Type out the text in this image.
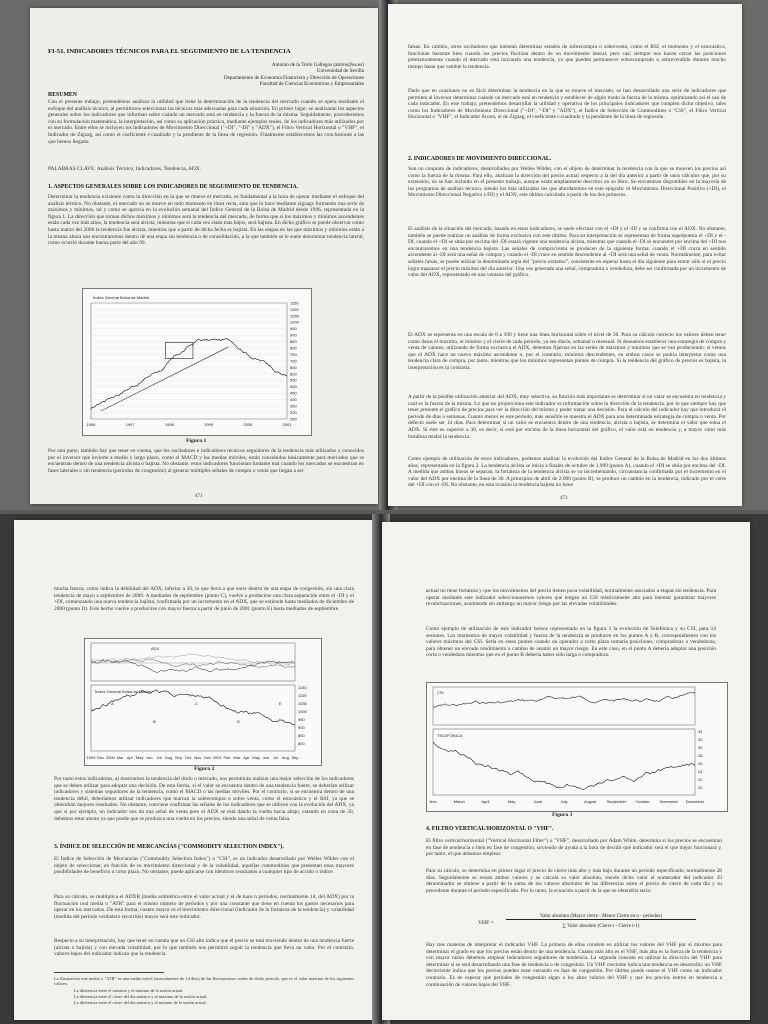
FI-51. INDICADORES TÉCNICOS PARA EL SEGUIMIENTO DE LA TENDENCIA
Antonio de la Torre Gallegos (atorre@us.es)
Universidad de Sevilla
Departamento de Economía Financiera y Dirección de Operaciones
Facultad de Ciencias Económicas y Empresariales
RESUMEN
Con el presente trabajo, pretendemos analizar la utilidad que tiene la determinación de la tendencia del mercado cuando se opera mediante el enfoque del análisis técnico, al permitirnos seleccionar las técnicas más adecuadas para cada situación. En primer lugar, se analizarán los aspectos generales sobre los indicadores que informan sobre cuándo un mercado está en tendencia y la fuerza de la misma. Seguidamente, procederemos con su formulación matemática, la interpretación, así como su aplicación práctica, mediante ejemplos reales, de los indicadores más utilizados por el mercado. Entre ellos se incluyen los indicadores de Movimiento Direccional ("+DI", "-DI" y "ADX"), el Filtro Vertical Horizontal o "VHF", el Indicador de Zigzag, así como el coeficiente r-cuadrado y la pendiente de la línea de regresión. Finalmente establecemos las conclusiones a las que hemos llegado.
PALABRAS CLAVE: Análisis Técnico, Indicadores, Tendencia, ADX.
1. ASPECTOS GENERALES SOBRE LOS INDICADORES DE SEGUIMIENTO DE TENDENCIA.
Determinar la tendencia existente como la dirección en la que se mueve el mercado, es fundamental a la hora de operar mediante el enfoque del análisis técnico. No obstante, el mercado no se mueve en todo momento en línea recta, sino que lo hace mediante zigzags formando una serie de máximos y mínimos, tal y como se aprecia en la evolución semanal del Índice General de la Bolsa de Madrid desde 1996, representada en la figura 1. La dirección que toman dichos máximos y mínimos será la tendencia del mercado, de forma que si los máximos y mínimos ascendentes están cada vez más altos, la tendencia será alcista, mientras que si cada vez están más bajos, será bajista. En dicho gráfico se puede observar cómo hasta marzo del 2000 la tendencia fue alcista, mientras que a partir de dicha fecha es bajista. En las etapas en las que máximos y mínimos están a la misma altura nos encontraremos dentro de una etapa sin tendencia o de consolidación, a la que también se le suele denominar tendencia lateral, como ocurrió durante buena parte del año 99.
Índice General Bolsa de Madrid
1150
1100
1050
1000
950
900
850
800
750
700
650
600
550
500
450
400
350
300
250
1996	1997	1998	1999	2000	2001
Figura 1
Por otra parte, también hay que tener en cuenta, que los osciladores e indicadores técnicos seguidores de la tendencia más utilizados y conocidos por el inversor que invierte a medio y largo plazo, como el MACD y las medias móviles, están concebidos básicamente para mercados que se encuentran dentro de una tendencia alcista o bajista. No obstante, estos indicadores funcionan bastante mal cuando los mercados se encuentran en fases laterales o sin tendencia (periodos de congestión) al generar múltiples señales de compra o venta que llegan a ser
471
falsas. En cambio, otros osciladores que intentan determinar estados de sobrecompra o sobreventa, como el RSI, el momento y el estocástico, funcionan bastante bien cuando los precios fluctúan dentro de un movimiento lateral, pero casi siempre nos hacen cerrar las posiciones prematuramente cuando el mercado está iniciando una tendencia, ya que pueden permanecer sobrecomprado o sobrevendido durante mucho tiempo hasta que cambie la tendencia.
Dado que en ocasiones no es fácil determinar la tendencia en la que se mueve el mercado, se han desarrollado una serie de indicadores que permiten al inversor determinar cuándo un mercado está en tendencia y establecer de algún modo la fuerza de la misma, optimizando así el uso de cada indicador. En este trabajo, pretendemos desarrollar la utilidad y operativa de los principales indicadores que cumplen dicho objetivo, tales como los Indicadores de Movimiento Direccional ("+DI", "-DI" y "ADX"), el Índice de Selección de Commodities o "CSI", el Filtro Vertical Horizontal o "VHF", el Indicador Aroon, el de Zigzag, el coeficiente r-cuadrado y la pendiente de la línea de regresión.
2. INDICADORES DE MOVIMIENTO DIRECCIONAL.
Son un conjunto de indicadores, desarrollados por Welles Wilder, con el objeto de determinar la tendencia con la que se mueven los precios así como la fuerza de la misma. Para ello, analizan la dirección del precio actual respecto a la del día anterior a partir de unos cálculos que, por su extensión, no se han incluido en el presente trabajo, aunque están ampliamente descritos en su libro. Se encuentran disponibles en la mayoría de los programas de análisis técnico, siendo los más utilizados los que abordaremos en este epígrafe: el Movimiento Direccional Positivo (+DI), el Movimiento Direccional Negativo (-DI) y el ADX, este último calculado a partir de los dos primeros.
El análisis de la situación del mercado, basado en estos indicadores, se suele efectuar con el +DI y el -DI y se confirma con el ADX. No obstante, también se puede realizar un análisis de forma exclusiva con este último. Para su interpretación se representan de forma superpuesta el +DI y el -DI, cuando el +DI se sitúa por encima del -DI estará vigente una tendencia alcista, mientras que cuando el -DI se encuentre por encima del +DI nos encontraremos en una tendencia bajista. Las señales de compra/venta se producen de la siguiente forma: cuando el +DI cruza en sentido ascendente al -DI será una señal de compra y cuando el -DI cruce en sentido descendente al +DI será una señal de venta. Normalmente, para evitar señales falsas, se puede utilizar la denominada regla del "precio extremo", consistente en esperar hasta el día siguiente para entrar sólo si el precio logra traspasar el precio máximo del día anterior. Una vez generada una señal, compradora o vendedora, debe ser confirmada por un incremento de valor del ADX, representado en una ventana del gráfico.
El ADX se representa en una escala de 0 a 100 y tiene una línea horizontal sobre el nivel de 30. Para su cálculo correcto los valores deben tener como datos el máximo, el mínimo y el cierre de cada periodo, ya sea diario, semanal o mensual. Si deseamos establecer una estrategia de compra y venta de valores, utilizando de forma exclusiva el ADX, debemos fijarnos en las series de máximos y mínimos que se van produciendo: si vemos que el ADX hace un nuevo máximo ascendente o, por el contrario, mínimos descendentes, en ambos casos se podría interpretar como una tendencia clara de compra, por tanto, mientras que los mínimos representan puntos de compra. Si la tendencia del gráfico de precios es bajista, la interpretación es la contraria.
A partir de la posible utilización anterior del ADX, muy selectiva, su función más importante es determinar si un valor se encuentra en tendencia y cuál es la fuerza de la misma. Lo que no proporciona este indicador es información sobre la dirección de la tendencia, por lo que siempre hay que tener presente el gráfico de precios para ver la dirección del mismo y poder tomar una decisión. Para el cálculo del indicador hay que introducir el periodo de días o semanas. Cuanto menor es este periodo, más sensible se muestra el ADX para una determinada estrategia de compra o venta. Por defecto suele ser 14 días. Para determinar si un valor se encuentra dentro de una tendencia, alcista o bajista, se determina el valor que toma el ADX. Si éste es superior a 30, es decir, si está por encima de la línea horizontal del gráfico, el valor está en tendencia y, a mayor valor más fortaleza tendrá la tendencia.
Como ejemplo de utilización de estos indicadores, podemos analizar la evolución del Índice General de la Bolsa de Madrid en los dos últimos años, representada en la figura 2. La tendencia alcista se inicia a finales de octubre de 1.999 (punto A), cuando el +DI se sitúa por encima del -DI. A medida que ambas líneas se separan, la fortaleza de la tendencia alcista se va incrementando, circunstancia confirmada por el incremento en el valor del ADX por encima de la línea de 30. A principios de abril de 2.000 (punto B), se produce un cambio en la tendencia, indicado por el corte del +DI con el -DI. No obstante, en esta ocasión la tendencia bajista no tiene
473
mucha fuerza, como indica la debilidad del ADX, inferior a 30, lo que lleva a que entre dentro de una etapa de congestión, sin una clara tendencia de mayo a septiembre de 2000. A mediados de septiembre (punto C), vuelve a producirse una clara separación entre el -DI y el +DI, comenzando una nueva tendencia bajista, confirmada por un incremento en el ADX, que se extiende hasta mediados de diciembre de 2000 (punto D). Este hecho vuelve a producirse con mayor fuerza a partir de junio de 2001 (punto E) hasta mediados de septiembre.
ADX
Índice General Bolsa de Madrid
A
B
C
D
E
1999 Dec 2000 Mar Apr May Jun Jul Aug Sep Oct Nov Dec 2001 Feb Mar Apr May Jun Jul Aug Sep
1150
1100
1050
1000
950
900
850
800
Figura 2
Por tanto estos indicadores, al mostrarnos la tendencia del título o mercado, nos permitirán realizar una mejor selección de los indicadores que se deben utilizar para adoptar una decisión. De esta forma, si el valor se encuentra dentro de una tendencia fuerte, se deberían utilizar indicadores y sistemas seguidores de la tendencia, como el MACD o las medias móviles. Por el contrario, si se encuentra dentro de una tendencia débil, deberíamos utilizar indicadores que marcan la sobrecompra o sobre venta, como el estocástico y el RSI, ya que se obtendrán mejores resultados. No obstante, conviene confirmar las señales de los indicadores que se utilicen con la evolución del ADX, ya que si por ejemplo, un indicador nos da una señal de venta pero el ADX se está dando la vuelta hacia abajo, estando en zona de 30, debemos estar atento ya que puede que se produzca una vuelta en los precios, siendo una señal de venta falsa.
3. ÍNDICE DE SELECCIÓN DE MERCANCÍAS ("COMMODITY SELECTION INDEX").
El Índice de Selección de Mercancías ("Commodity Selection Index") o "CSI", es un indicador desarrollado por Welles Wilder con el objeto de seleccionar, en función de su movimiento direccional y de la volatilidad, aquellas commodities que presentan unas mayores posibilidades de beneficio a corto plazo. No obstante, puede aplicarse con idénticos resultados a cualquier tipo de acción o índice.
Para su cálculo, se multiplica el ADXR (media aritmética entre el valor actual y el de hace n periodos, normalmente 14, del ADX) por la fluctuación real media o "ATR" para el mismo número de periodos y por una constante que tiene en cuenta los gastos necesarios para operar en los mercados. De esta forma, cuanto mayor es el movimiento direccional (indicador de la fortaleza de la tendencia) y volatilidad (medida del periodo verdadero recorrido) mayor será este indicador.
Respecto a su interpretación, hay que tener en cuenta que un CSI alto indica que el precio se está moviendo dentro de una tendencia fuerte (alcista o bajista) y con elevada volatilidad, por lo que también nos permitirá seguir la tendencia que lleva un valor. Por el contrario, valores bajos del indicador indican que la tendencia
La fluctuación real media o "ATR" es una media móvil (normalmente de 14 días) de las fluctuaciones reales de dicho periodo, que es el valor máximo de los siguientes valores:
La diferencia entre el máximo y el mínimo de la sesión actual.
La diferencia entre el cierre del día anterior y el máximo de la sesión actual.
La diferencia entre el cierre del día anterior y el mínimo de la sesión actual.
actual no tiene fortaleza y que los movimientos del precio tienen poca volatilidad, normalmente asociados a etapas sin tendencia. Para operar mediante este indicador seleccionaremos valores que tengan un CSI relativamente alto para intentar garantizar mayores revalorizaciones, asumiendo sin embargo un mayor riesgo por las elevadas volatilidades.
Como ejemplo de utilización de este indicador hemos representado en la figura 3 la evolución de Telefónica y su CSI, para 14 sesiones. Los momentos de mayor volatilidad y fuerza de la tendencia se producen en los puntos A y B, correspondientes con los valores máximos del CSI. Sería en estos puntos cuando un operador a corto plazo tomaría posiciones, compradoras o vendedoras, para obtener un elevado rendimiento a cambio de asumir un mayor riesgo. En este caso, en el punto A debería adoptar una posición corta o vendedora mientras que en el punto B debería haber sido larga o compradora.
CSI
TELEFÓNICA
Nov	March	April	May	June	July	August	September October November December
34
32
30
28
26
24
22
20
Figura 3
4. FILTRO VERTICAL/HORIZONTAL O "VHF".
El filtro vertical/horizontal ("Vertical Horizontal Filter") o "VHF", desarrollado por Adam White, determina si los precios se encuentran en fase de tendencia o bien en fase de congestión, sirviendo de ayuda a la hora de decidir qué indicador será el que mejor funcionará y, por tanto, el que debamos emplear.
Para su cálculo, se determina en primer lugar el precio de cierre más alto y más bajo durante un periodo especificado, normalmente 28 días. Seguidamente se restan ambos valores y se calcula su valor absoluto, siendo dicho valor el numerador del indicador. El denominador se obtiene a partir de la suma de los valores absolutos de las diferencias entre el precio de cierre de cada día y su precedente durante el periodo especificado. Por lo tanto, la ecuación a partir de la que se obtendría sería:
VHF =
Valor absoluto (Mayor cierre - Menor Cierre en n - periodos)
∑ Valor absoluto (Cierre t - Cierre t-1)
Hay tres maneras de interpretar el indicador VHF. La primera de ellas consiste en utilizar los valores del VHF por sí mismos para determinar el grado en que los precios están dentro de una tendencia. Cuanto más alto es el VHF, más alta es la fuerza de la tendencia y con mayor razón debemos emplear indicadores seguidores de tendencia. La segunda consiste en utilizar la dirección del VHF para determinar si se está desarrollando una fase de tendencia o de congestión. Un VHF creciente indica una tendencia en desarrollo; un VHF decreciente indica que los precios pueden estar entrando en fase de congestión. Por último puede usarse el VHF como un indicador contrario. Es de esperar que periodos de congestión sigan a los altos valores del VHF y que los precios entren en tendencia a continuación de valores bajos del VHF.
